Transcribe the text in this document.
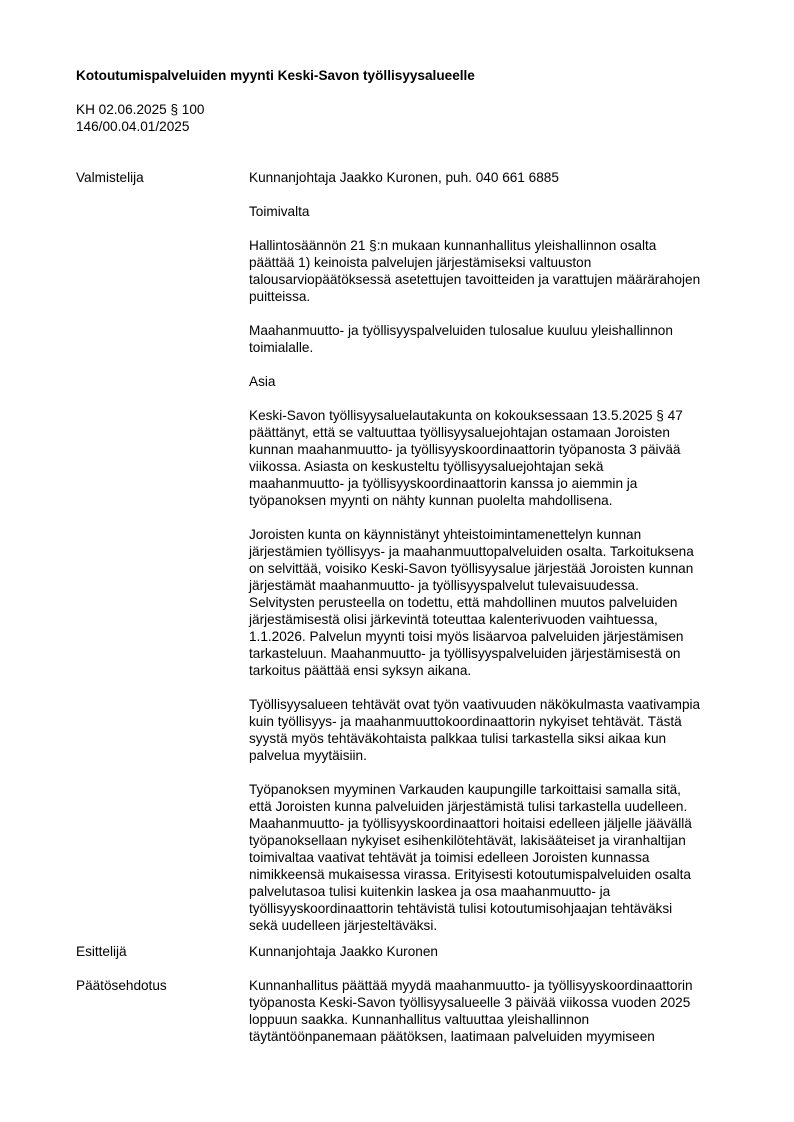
Kotoutumispalveluiden myynti Keski-Savon työllisyysalueelle
KH 02.06.2025 § 100
146/00.04.01/2025
Valmistelija	Kunnanjohtaja Jaakko Kuronen, puh. 040 661 6885

Toimivalta

Hallintosäännön 21 §:n mukaan kunnanhallitus yleishallinnon osalta
päättää 1) keinoista palvelujen järjestämiseksi valtuuston
talousarviopäätöksessä asetettujen tavoitteiden ja varattujen määrärahojen
puitteissa.

Maahanmuutto- ja työllisyyspalveluiden tulosalue kuuluu yleishallinnon
toimialalle.

Asia

Keski-Savon työllisyysaluelautakunta on kokouksessaan 13.5.2025 § 47
päättänyt, että se valtuuttaa työllisyysaluejohtajan ostamaan Joroisten
kunnan maahanmuutto- ja työllisyyskoordinaattorin työpanosta 3 päivää
viikossa. Asiasta on keskusteltu työllisyysaluejohtajan sekä
maahanmuutto- ja työllisyyskoordinaattorin kanssa jo aiemmin ja
työpanoksen myynti on nähty kunnan puolelta mahdollisena.

Joroisten kunta on käynnistänyt yhteistoimintamenettelyn kunnan
järjestämien työllisyys- ja maahanmuuttopalveluiden osalta. Tarkoituksena
on selvittää, voisiko Keski-Savon työllisyysalue järjestää Joroisten kunnan
järjestämät maahanmuutto- ja työllisyyspalvelut tulevaisuudessa.
Selvitysten perusteella on todettu, että mahdollinen muutos palveluiden
järjestämisestä olisi järkevintä toteuttaa kalenterivuoden vaihtuessa,
1.1.2026. Palvelun myynti toisi myös lisäarvoa palveluiden järjestämisen
tarkasteluun. Maahanmuutto- ja työllisyyspalveluiden järjestämisestä on
tarkoitus päättää ensi syksyn aikana.

Työllisyysalueen tehtävät ovat työn vaativuuden näkökulmasta vaativampia
kuin työllisyys- ja maahanmuuttokoordinaattorin nykyiset tehtävät. Tästä
syystä myös tehtäväkohtaista palkkaa tulisi tarkastella siksi aikaa kun
palvelua myytäisiin.

Työpanoksen myyminen Varkauden kaupungille tarkoittaisi samalla sitä,
että Joroisten kunna palveluiden järjestämistä tulisi tarkastella uudelleen.
Maahanmuutto- ja työllisyyskoordinaattori hoitaisi edelleen jäljelle jäävällä
työpanoksellaan nykyiset esihenkilötehtävät, lakisääteiset ja viranhaltijan
toimivaltaa vaativat tehtävät ja toimisi edelleen Joroisten kunnassa
nimikkeensä mukaisessa virassa. Erityisesti kotoutumispalveluiden osalta
palvelutasoa tulisi kuitenkin laskea ja osa maahanmuutto- ja
työllisyyskoordinaattorin tehtävistä tulisi kotoutumisohjaajan tehtäväksi
sekä uudelleen järjesteltäväksi.

Esittelijä	Kunnanjohtaja Jaakko Kuronen

Päätösehdotus	Kunnanhallitus päättää myydä maahanmuutto- ja työllisyyskoordinaattorin
työpanosta Keski-Savon työllisyysalueelle 3 päivää viikossa vuoden 2025
loppuun saakka. Kunnanhallitus valtuuttaa yleishallinnon
täytäntöönpanemaan päätöksen, laatimaan palveluiden myymiseen
